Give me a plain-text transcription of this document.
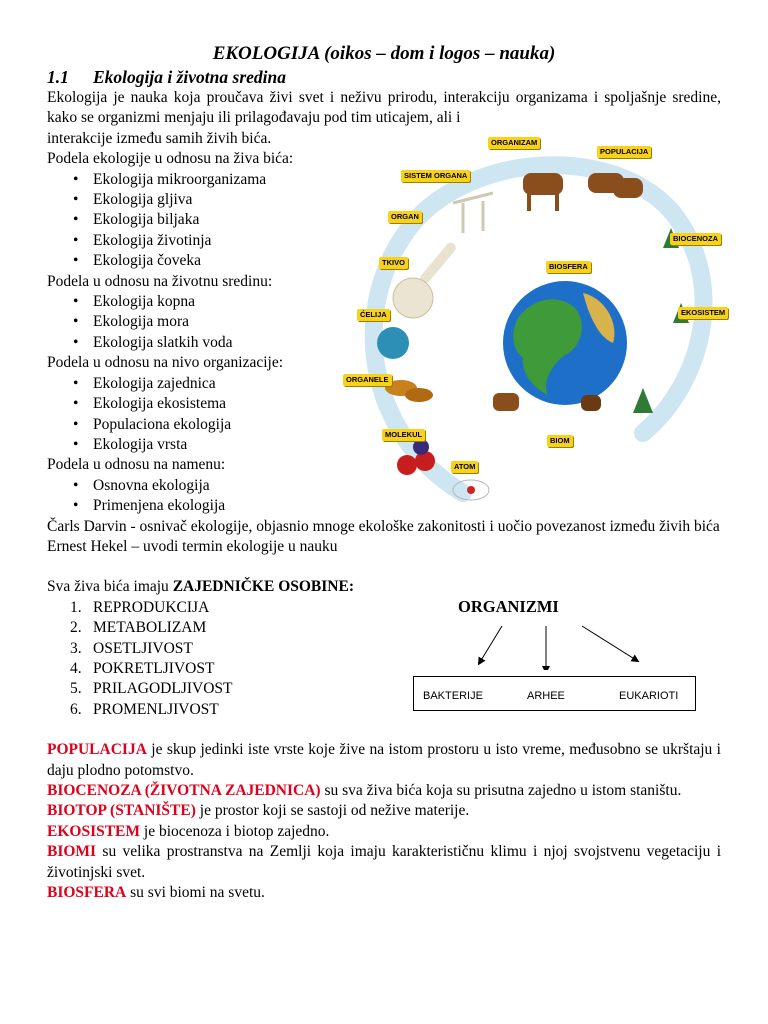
EKOLOGIJA (oikos – dom i logos – nauka)

1.1 Ekologija i životna sredina

Ekologija je nauka koja proučava živi svet i neživu prirodu, interakciju organizama i spoljašnje sredine, kako se organizmi menjaju ili prilagođavaju pod tim uticajem, ali i

interakcije između samih živih bića.

Podela ekologije u odnosu na živa bića:

• Ekologija mikroorganizama
• Ekologija gljiva
• Ekologija biljaka
• Ekologija životinja
• Ekologija čoveka

Podela u odnosu na životnu sredinu:

• Ekologija kopna
• Ekologija mora
• Ekologija slatkih voda

Podela u odnosu na nivo organizacije:

• Ekologija zajednica
• Ekologija ekosistema
• Populaciona ekologija
• Ekologija vrsta

Podela u odnosu na namenu:

• Osnovna ekologija
• Primenjena ekologija

Čarls Darvin - osnivač ekologije, objasnio mnoge ekološke zakonitosti i uočio povezanost između živih bića

Ernest Hekel – uvodi termin ekologije u nauku

Sva živa bića imaju ZAJEDNIČKE OSOBINE:

1. REPRODUKCIJA
2. METABOLIZAM
3. OSETLJIVOST
4. POKRETLJIVOST
5. PRILAGODLJIVOST
6. PROMENLJIVOST

POPULACIJA je skup jedinki iste vrste koje žive na istom prostoru u isto vreme, međusobno se ukrštaju i daju plodno potomstvo.

BIOCENOZA (ŽIVOTNA ZAJEDNICA) su sva živa bića koja su prisutna zajedno u istom staništu.

BIOTOP (STANIŠTE) je prostor koji se sastoji od nežive materije.

EKOSISTEM je biocenoza i biotop zajedno.

BIOMI su velika prostranstva na Zemlji koja imaju karakterističnu klimu i njoj svojstvenu vegetaciju i životinjski svet.

BIOSFERA su svi biomi na svetu.

ORGANIZAM
POPULACIJA
SISTEM ORGANA
ORGAN
BIOCENOZA
BIOSFERA
TKIVO
EKOSISTEM
ĆELIJA
ORGANELE
MOLEKUL
BIOM
ATOM
ORGANIZMI
BAKTERIJE	ARHEE	EUKARIOTI
